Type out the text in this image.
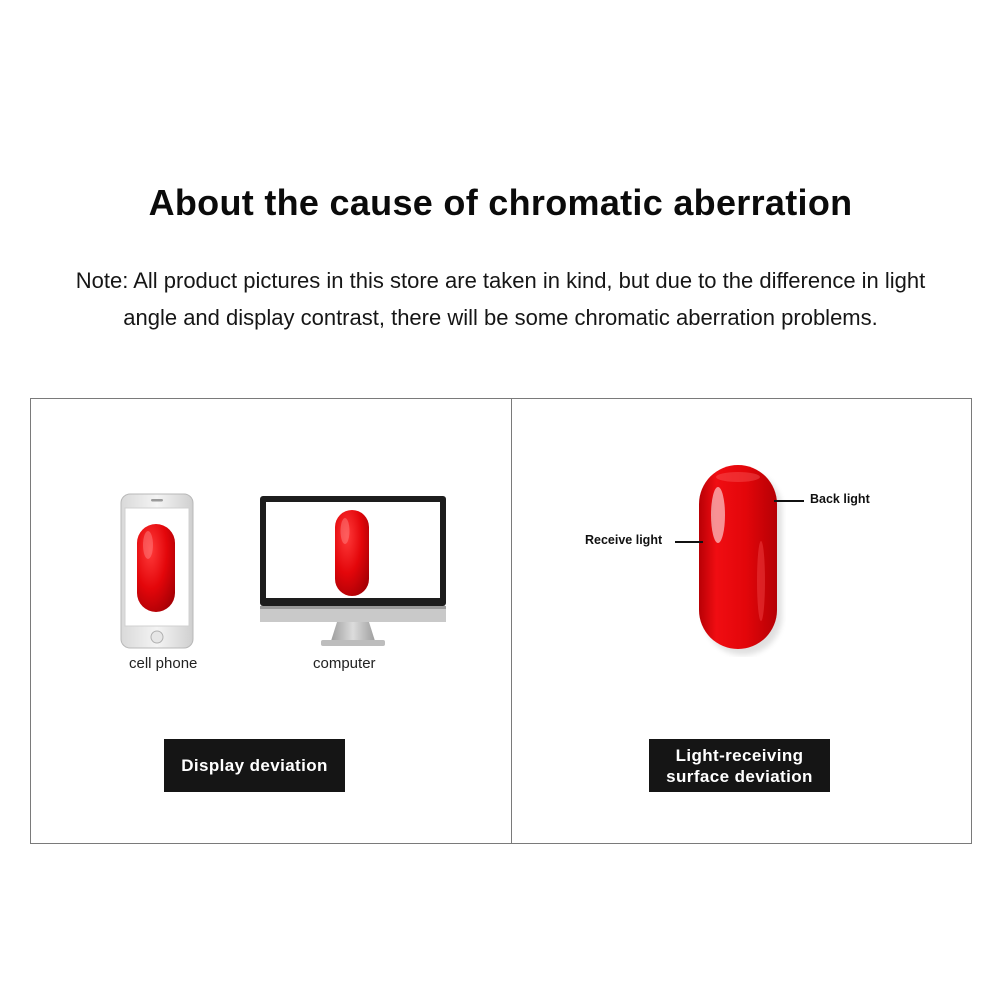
About the cause of chromatic aberration
Note: All product pictures in this store are taken in kind, but due to the difference in light
angle and display contrast, there will be some chromatic aberration problems.
cell phone	computer
Display deviation
Back light
Receive light
Light-receiving
surface deviation
